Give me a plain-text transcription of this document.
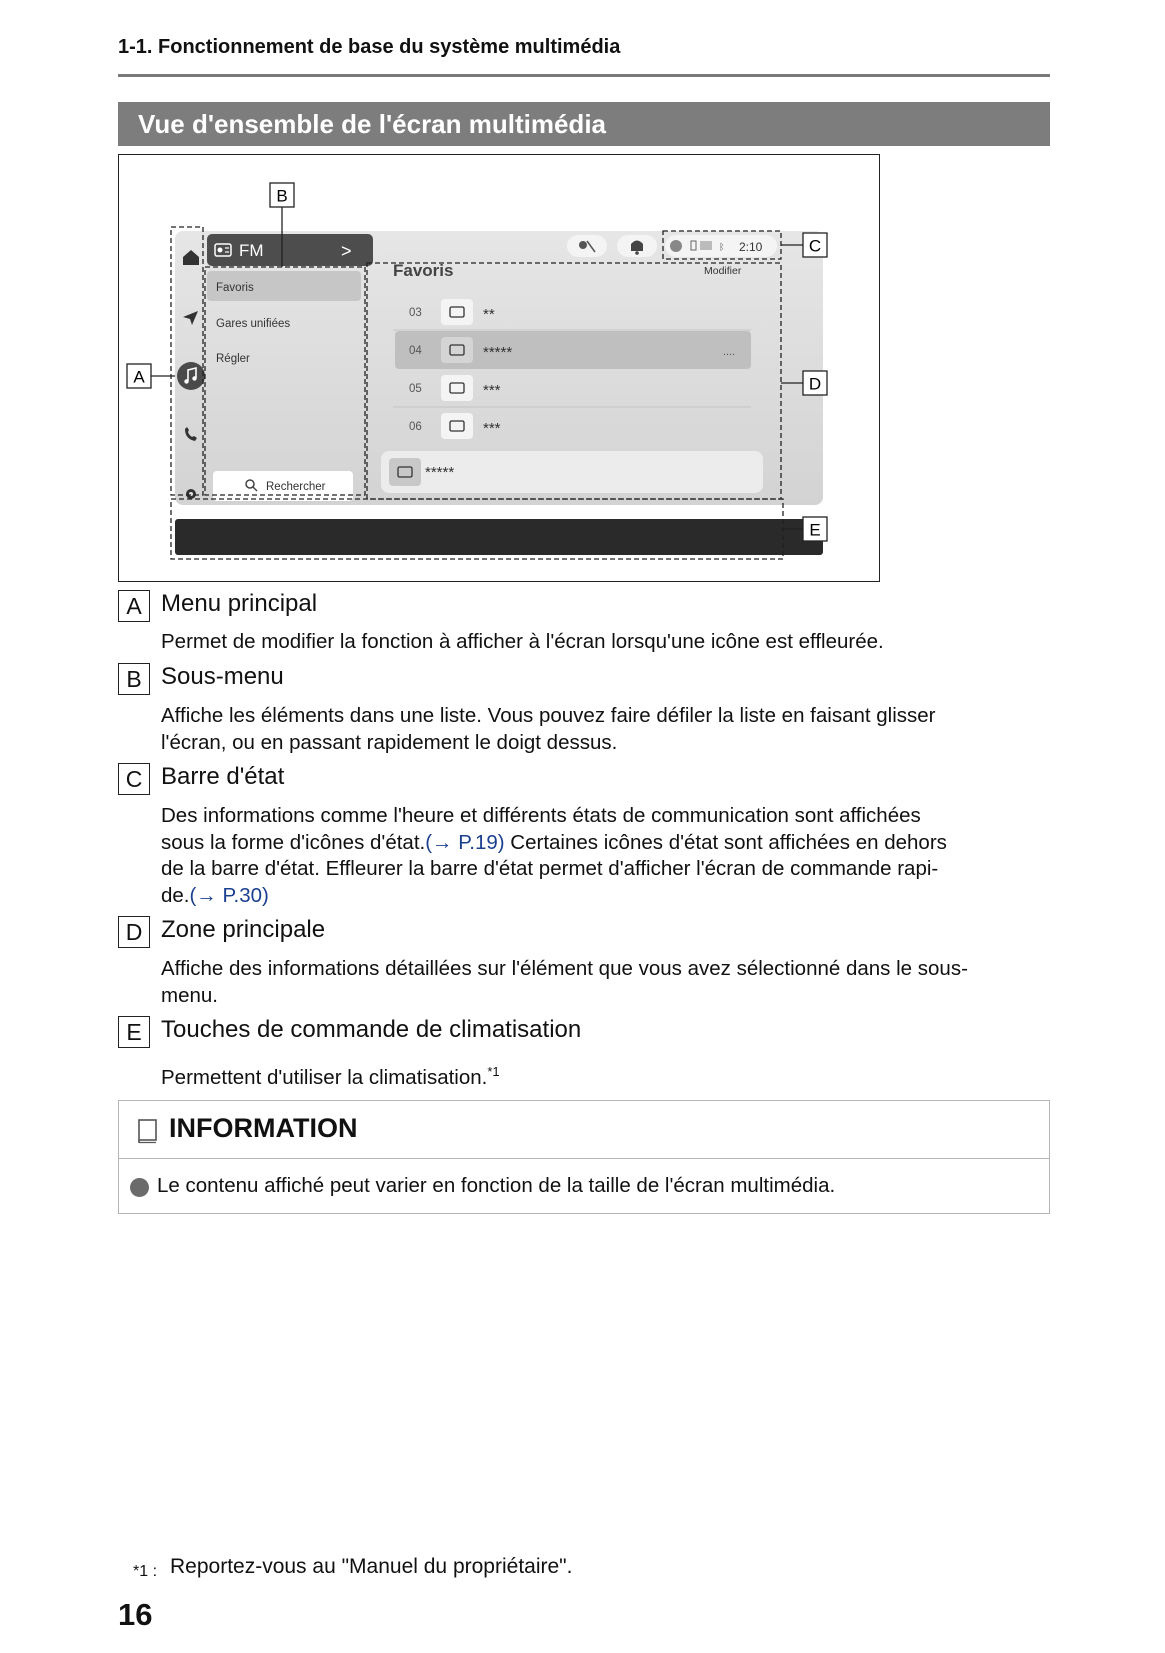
1-1. Fonctionnement de base du système multimédia
Vue d'ensemble de l'écran multimédia
FM	>
Favoris
Gares unifiées
Régler
Rechercher
ᛒ 2:10
Favoris	Modifier
03	**
04	*****	....
05	***
06	***
*****
B
A
C
D
E
A Menu principal
Permet de modifier la fonction à afficher à l'écran lorsqu'une icône est effleurée.
B Sous-menu
Affiche les éléments dans une liste. Vous pouvez faire défiler la liste en faisant glisser
l'écran, ou en passant rapidement le doigt dessus.
C Barre d'état
Des informations comme l'heure et différents états de communication sont affichées
sous la forme d'icônes d'état.(→ P.19) Certaines icônes d'état sont affichées en dehors
de la barre d'état. Effleurer la barre d'état permet d'afficher l'écran de commande rapi-
de.(→ P.30)
D Zone principale
Affiche des informations détaillées sur l'élément que vous avez sélectionné dans le sous-
menu.
E Touches de commande de climatisation
Permettent d'utiliser la climatisation.$^{*1}$
INFORMATION
Le contenu affiché peut varier en fonction de la taille de l'écran multimédia.
*1 : Reportez-vous au "Manuel du propriétaire".
16
